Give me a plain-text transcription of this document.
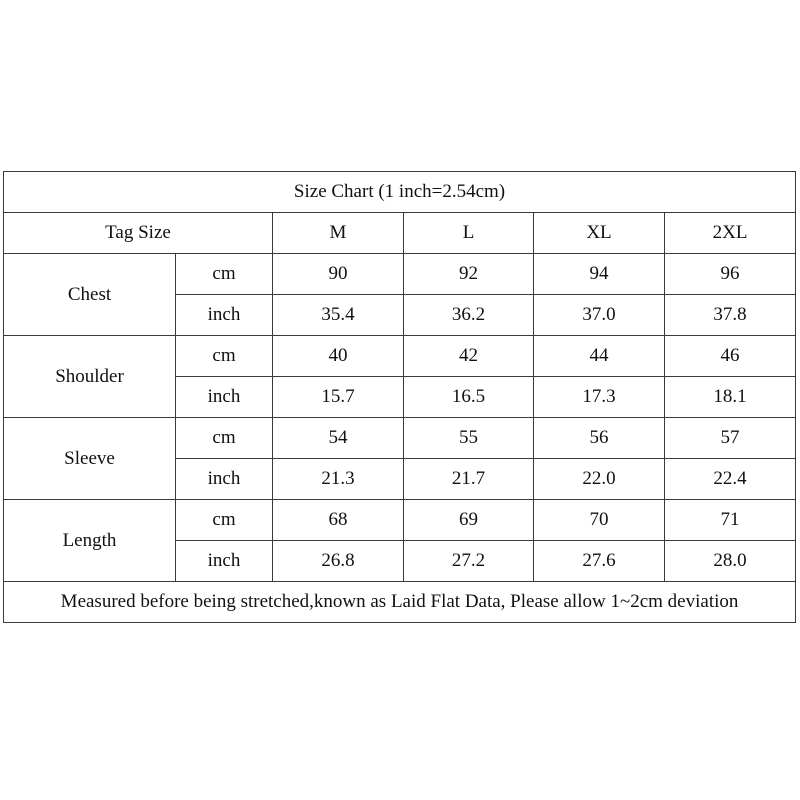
Size Chart (1 inch=2.54cm)					
Tag Size		M	L	XL	2XL
Chest	cm	90	92	94	96
	inch	35.4	36.2	37.0	37.8
Shoulder	cm	40	42	44	46
	inch	15.7	16.5	17.3	18.1
Sleeve	cm	54	55	56	57
	inch	21.3	21.7	22.0	22.4
Length	cm	68	69	70	71
	inch	26.8	27.2	27.6	28.0
Measured before being stretched,known as Laid Flat Data, Please allow 1~2cm deviation					
